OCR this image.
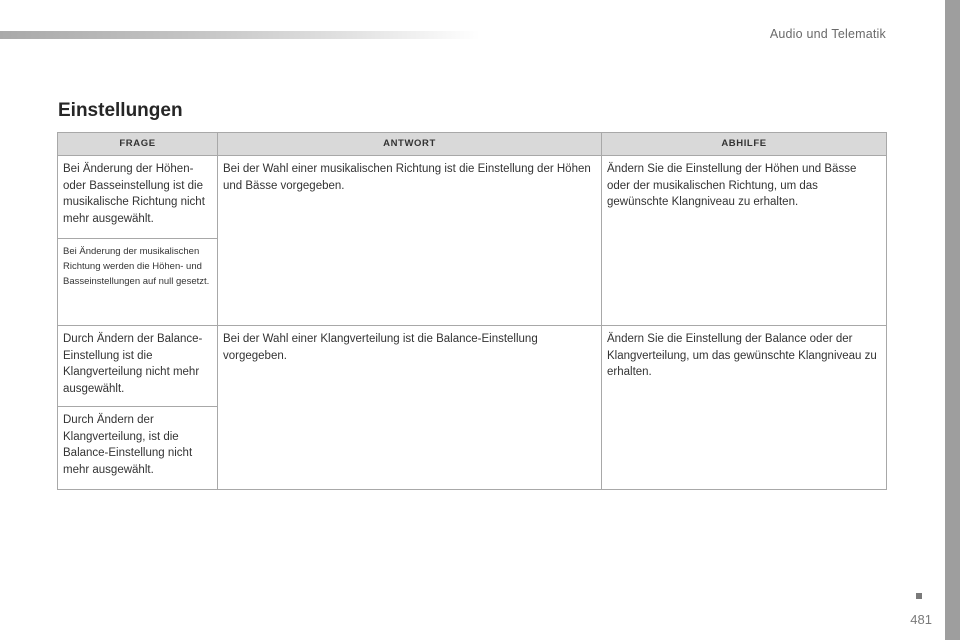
Audio und Telematik
Einstellungen
FRAGE	ANTWORT	ABHILFE
Bei Änderung der Höhen- oder Basseinstellung ist die musikalische Richtung nicht mehr ausgewählt.	Bei der Wahl einer musikalischen Richtung ist die Einstellung der Höhen und Bässe vorgegeben.	Ändern Sie die Einstellung der Höhen und Bässe oder der musikalischen Richtung, um das gewünschte Klangniveau zu erhalten.
Bei Änderung der musikalischen Richtung werden die Höhen- und Basseinstellungen auf null gesetzt.		
Durch Ändern der Balance-Einstellung ist die Klangverteilung nicht mehr ausgewählt.	Bei der Wahl einer Klangverteilung ist die Balance-Einstellung vorgegeben.	Ändern Sie die Einstellung der Balance oder der Klangverteilung, um das gewünschte Klangniveau zu erhalten.
Durch Ändern der Klangverteilung, ist die Balance-Einstellung nicht mehr ausgewählt.		
481
